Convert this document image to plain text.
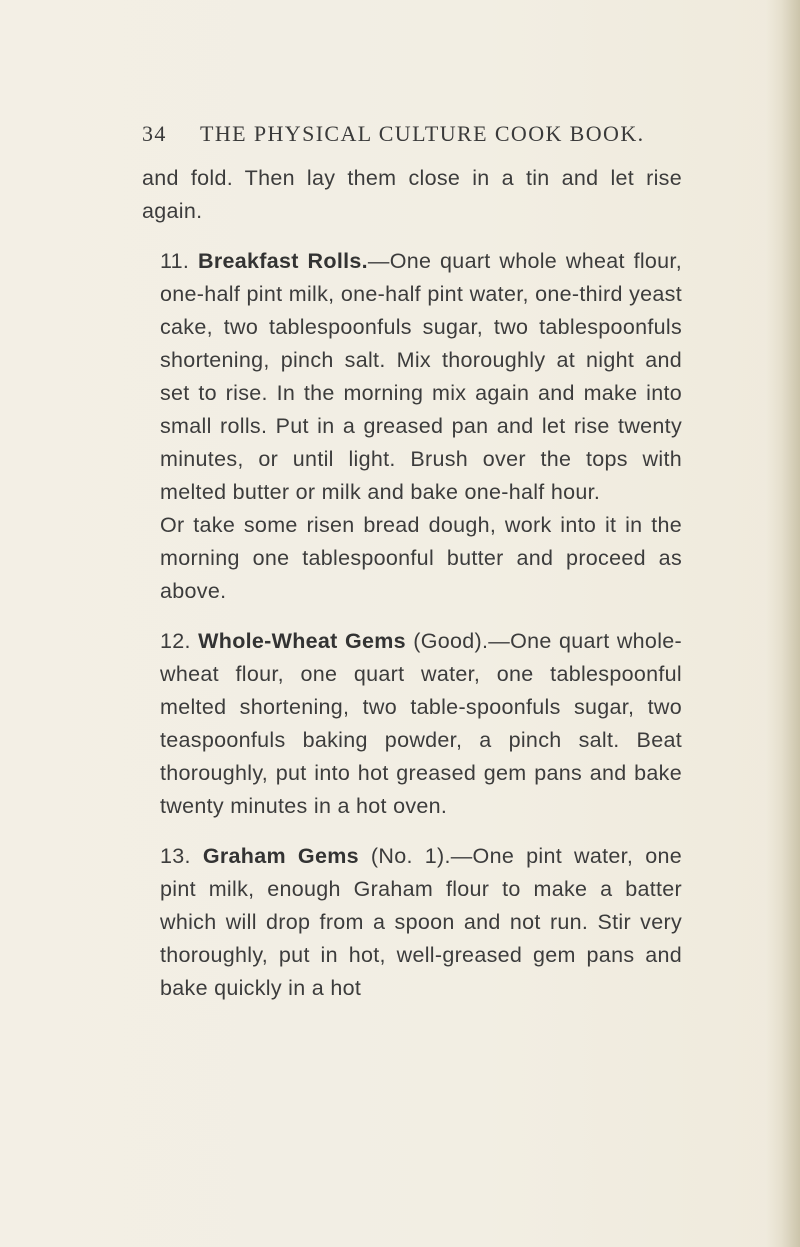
34 THE PHYSICAL CULTURE COOK BOOK.

and fold. Then lay them close in a tin and let rise again.

11. Breakfast Rolls.—One quart whole wheat flour, one-half pint milk, one-half pint water, one-third yeast cake, two tablespoonfuls sugar, two tablespoonfuls shortening, pinch salt. Mix thoroughly at night and set to rise. In the morning mix again and make into small rolls. Put in a greased pan and let rise twenty minutes, or until light. Brush over the tops with melted butter or milk and bake one-half hour.

Or take some risen bread dough, work into it in the morning one tablespoonful butter and proceed as above.

12. Whole-Wheat Gems (Good).—One quart whole-wheat flour, one quart water, one tablespoonful melted shortening, two table-spoonfuls sugar, two teaspoonfuls baking powder, a pinch salt. Beat thoroughly, put into hot greased gem pans and bake twenty minutes in a hot oven.

13. Graham Gems (No. 1).—One pint water, one pint milk, enough Graham flour to make a batter which will drop from a spoon and not run. Stir very thoroughly, put in hot, well-greased gem pans and bake quickly in a hot
